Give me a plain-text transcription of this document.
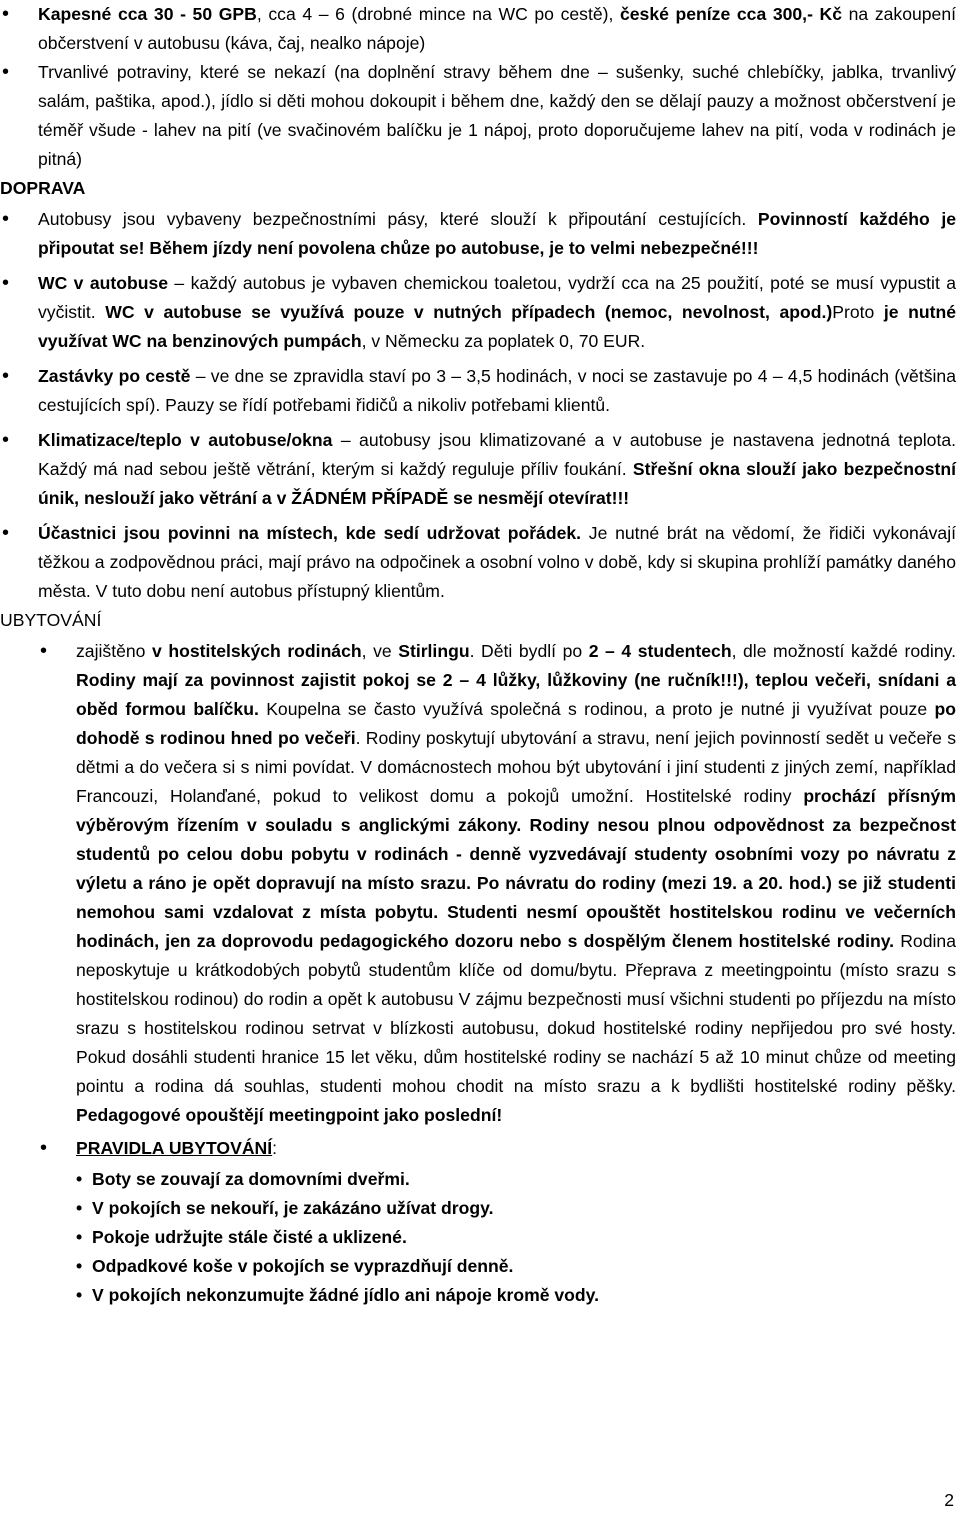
• Kapesné cca 30 - 50 GPB, cca 4 – 6 (drobné mince na WC po cestě), české peníze cca 300,- Kč na zakoupení občerstvení v autobusu (káva, čaj, nealko nápoje)
• Trvanlivé potraviny, které se nekazí (na doplnění stravy během dne – sušenky, suché chlebíčky, jablka, trvanlivý salám, paštika, apod.), jídlo si děti mohou dokoupit i během dne, každý den se dělají pauzy a možnost občerstvení je téměř všude - lahev na pití (ve svačinovém balíčku je 1 nápoj, proto doporučujeme lahev na pití, voda v rodinách je pitná)
DOPRAVA
• Autobusy jsou vybaveny bezpečnostními pásy, které slouží k připoutání cestujících. Povinností každého je připoutat se! Během jízdy není povolena chůze po autobuse, je to velmi nebezpečné!!!
• WC v autobuse – každý autobus je vybaven chemickou toaletou, vydrží cca na 25 použití, poté se musí vypustit a vyčistit. WC v autobuse se využívá pouze v nutných případech (nemoc, nevolnost, apod.)Proto je nutné využívat WC na benzinových pumpách, v Německu za poplatek 0, 70 EUR.
• Zastávky po cestě – ve dne se zpravidla staví po 3 – 3,5 hodinách, v noci se zastavuje po 4 – 4,5 hodinách (většina cestujících spí). Pauzy se řídí potřebami řidičů a nikoliv potřebami klientů.
• Klimatizace/teplo v autobuse/okna – autobusy jsou klimatizované a v autobuse je nastavena jednotná teplota. Každý má nad sebou ještě větrání, kterým si každý reguluje příliv foukání. Střešní okna slouží jako bezpečnostní únik, neslouží jako větrání a v ŽÁDNÉM PŘÍPADĚ se nesmějí otevírat!!!
• Účastnici jsou povinni na místech, kde sedí udržovat pořádek. Je nutné brát na vědomí, že řidiči vykonávají těžkou a zodpovědnou práci, mají právo na odpočinek a osobní volno v době, kdy si skupina prohlíží památky daného města. V tuto dobu není autobus přístupný klientům.
UBYTOVÁNÍ
• zajištěno v hostitelských rodinách, ve Stirlingu. Děti bydlí po 2 – 4 studentech, dle možností každé rodiny. Rodiny mají za povinnost zajistit pokoj se 2 – 4 lůžky, lůžkoviny (ne ručník!!!), teplou večeři, snídani a oběd formou balíčku. Koupelna se často využívá společná s rodinou, a proto je nutné ji využívat pouze po dohodě s rodinou hned po večeři. Rodiny poskytují ubytování a stravu, není jejich povinností sedět u večeře s dětmi a do večera si s nimi povídat. V domácnostech mohou být ubytování i jiní studenti z jiných zemí, například Francouzi, Holanďané, pokud to velikost domu a pokojů umožní. Hostitelské rodiny prochází přísným výběrovým řízením v souladu s anglickými zákony. Rodiny nesou plnou odpovědnost za bezpečnost studentů po celou dobu pobytu v rodinách - denně vyzvedávají studenty osobními vozy po návratu z výletu a ráno je opět dopravují na místo srazu. Po návratu do rodiny (mezi 19. a 20. hod.) se již studenti nemohou sami vzdalovat z místa pobytu. Studenti nesmí opouštět hostitelskou rodinu ve večerních hodinách, jen za doprovodu pedagogického dozoru nebo s dospělým členem hostitelské rodiny. Rodina neposkytuje u krátkodobých pobytů studentům klíče od domu/bytu. Přeprava z meetingpointu (místo srazu s hostitelskou rodinou) do rodin a opět k autobusu V zájmu bezpečnosti musí všichni studenti po příjezdu na místo srazu s hostitelskou rodinou setrvat v blízkosti autobusu, dokud hostitelské rodiny nepřijedou pro své hosty. Pokud dosáhli studenti hranice 15 let věku, dům hostitelské rodiny se nachází 5 až 10 minut chůze od meeting pointu a rodina dá souhlas, studenti mohou chodit na místo srazu a k bydlišti hostitelské rodiny pěšky. Pedagogové opouštějí meetingpoint jako poslední!
• PRAVIDLA UBYTOVÁNÍ:
• Boty se zouvají za domovními dveřmi.
• V pokojích se nekouří, je zakázáno užívat drogy.
• Pokoje udržujte stále čisté a uklizené.
• Odpadkové koše v pokojích se vyprazdňují denně.
• V pokojích nekonzumujte žádné jídlo ani nápoje kromě vody.
2
